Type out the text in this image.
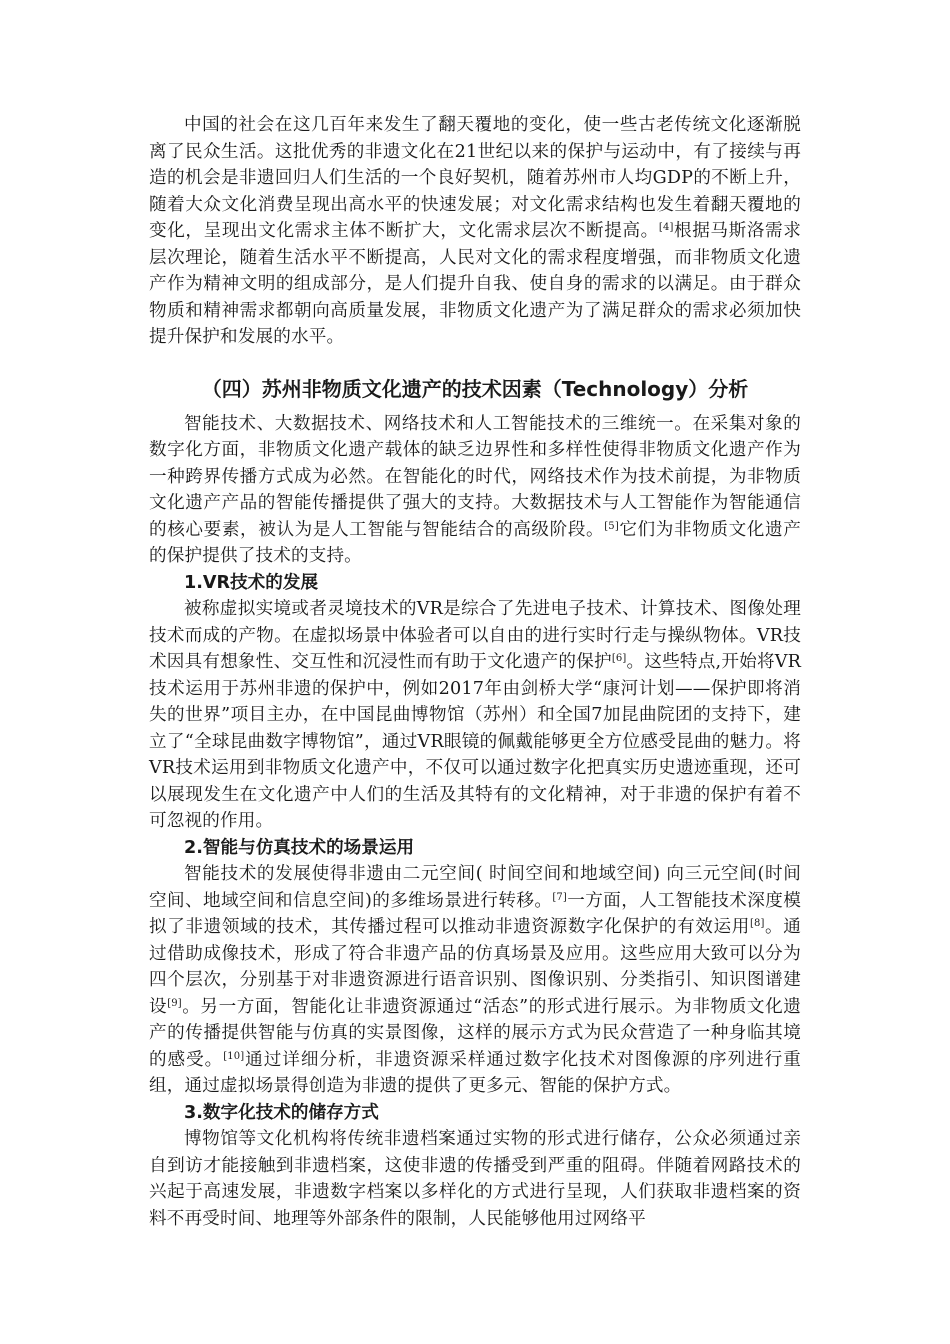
中国的社会在这几百年来发生了翻天覆地的变化，使一些古老传统文化逐渐脱离了民众生活。这批优秀的非遗文化在21世纪以来的保护与运动中，有了接续与再造的机会是非遗回归人们生活的一个良好契机，随着苏州市人均GDP的不断上升，随着大众文化消费呈现出高水平的快速发展；对文化需求结构也发生着翻天覆地的变化，呈现出文化需求主体不断扩大，文化需求层次不断提高。[4]根据马斯洛需求层次理论，随着生活水平不断提高，人民对文化的需求程度增强，而非物质文化遗产作为精神文明的组成部分，是人们提升自我、使自身的需求的以满足。由于群众物质和精神需求都朝向高质量发展，非物质文化遗产为了满足群众的需求必须加快提升保护和发展的水平。

（四）苏州非物质文化遗产的技术因素（Technology）分析

智能技术、大数据技术、网络技术和人工智能技术的三维统一。在采集对象的数字化方面，非物质文化遗产载体的缺乏边界性和多样性使得非物质文化遗产作为一种跨界传播方式成为必然。在智能化的时代，网络技术作为技术前提，为非物质文化遗产产品的智能传播提供了强大的支持。大数据技术与人工智能作为智能通信的核心要素，被认为是人工智能与智能结合的高级阶段。[5]它们为非物质文化遗产的保护提供了技术的支持。

1.VR技术的发展

被称虚拟实境或者灵境技术的VR是综合了先进电子技术、计算技术、图像处理技术而成的产物。在虚拟场景中体验者可以自由的进行实时行走与操纵物体。VR技术因具有想象性、交互性和沉浸性而有助于文化遗产的保护[6]。这些特点,开始将VR技术运用于苏州非遗的保护中，例如2017年由剑桥大学“康河计划——保护即将消失的世界”项目主办，在中国昆曲博物馆（苏州）和全国7加昆曲院团的支持下，建立了“全球昆曲数字博物馆”，通过VR眼镜的佩戴能够更全方位感受昆曲的魅力。将VR技术运用到非物质文化遗产中，不仅可以通过数字化把真实历史遗迹重现，还可以展现发生在文化遗产中人们的生活及其特有的文化精神，对于非遗的保护有着不可忽视的作用。

2.智能与仿真技术的场景运用

智能技术的发展使得非遗由二元空间( 时间空间和地域空间) 向三元空间(时间空间、地域空间和信息空间)的多维场景进行转移。[7]一方面，人工智能技术深度模拟了非遗领域的技术，其传播过程可以推动非遗资源数字化保护的有效运用[8]。通过借助成像技术，形成了符合非遗产品的仿真场景及应用。这些应用大致可以分为四个层次，分别基于对非遗资源进行语音识别、图像识别、分类指引、知识图谱建设[9]。另一方面，智能化让非遗资源通过“活态”的形式进行展示。为非物质文化遗产的传播提供智能与仿真的实景图像，这样的展示方式为民众营造了一种身临其境的感受。[10]通过详细分析，非遗资源采样通过数字化技术对图像源的序列进行重组，通过虚拟场景得创造为非遗的提供了更多元、智能的保护方式。

3.数字化技术的储存方式

博物馆等文化机构将传统非遗档案通过实物的形式进行储存，公众必须通过亲自到访才能接触到非遗档案，这使非遗的传播受到严重的阻碍。伴随着网路技术的兴起于高速发展，非遗数字档案以多样化的方式进行呈现，人们获取非遗档案的资料不再受时间、地理等外部条件的限制，人民能够他用过网络平
